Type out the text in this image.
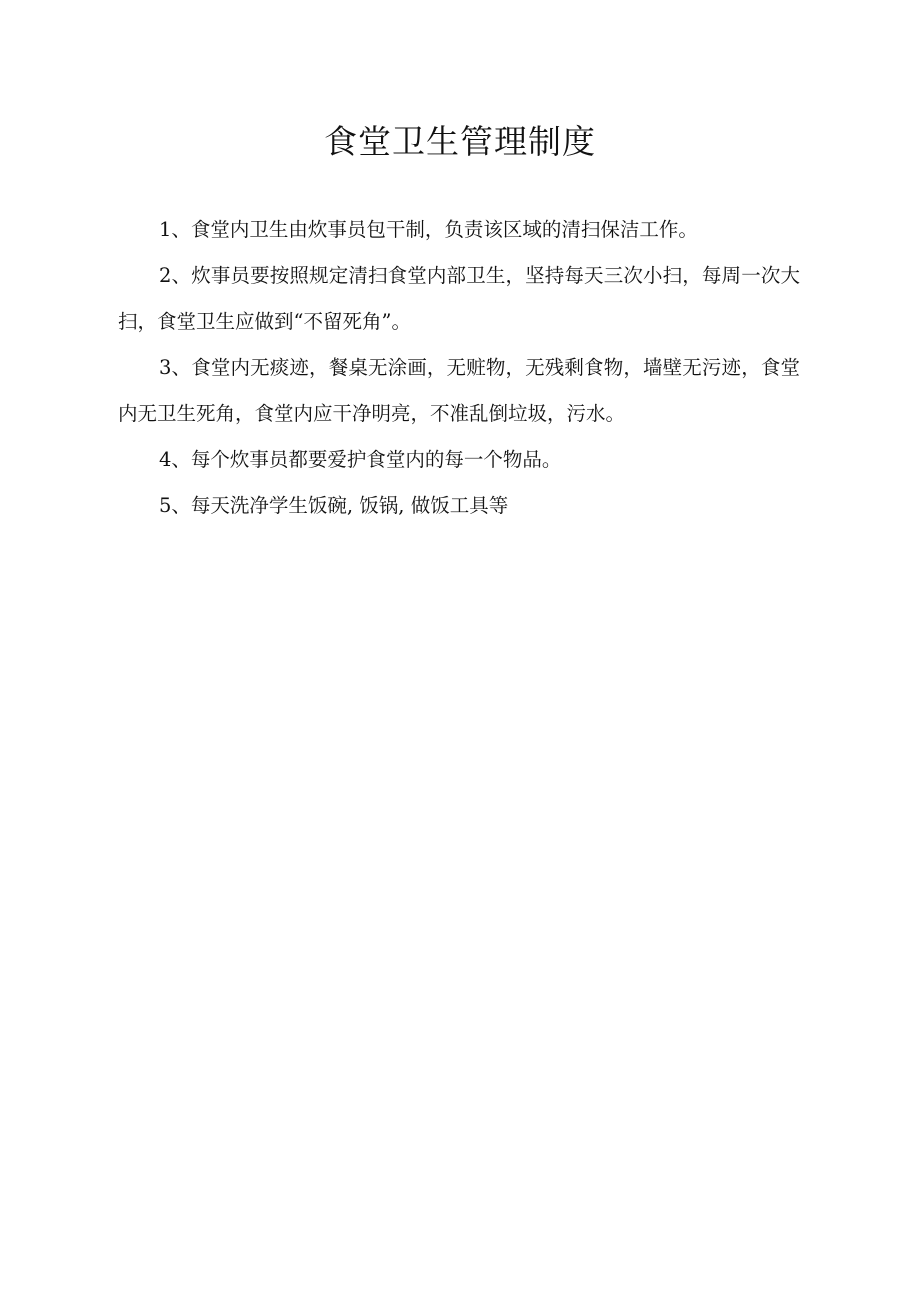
食堂卫生管理制度

1、食堂内卫生由炊事员包干制，负责该区域的清扫保洁工作。

2、炊事员要按照规定清扫食堂内部卫生，坚持每天三次小扫，每周一次大扫，食堂卫生应做到“不留死角”。

3、食堂内无痰迹，餐桌无涂画，无赃物，无残剩食物，墙壁无污迹，食堂内无卫生死角，食堂内应干净明亮，不准乱倒垃圾，污水。

4、每个炊事员都要爱护食堂内的每一个物品。

5、每天洗净学生饭碗, 饭锅, 做饭工具等
